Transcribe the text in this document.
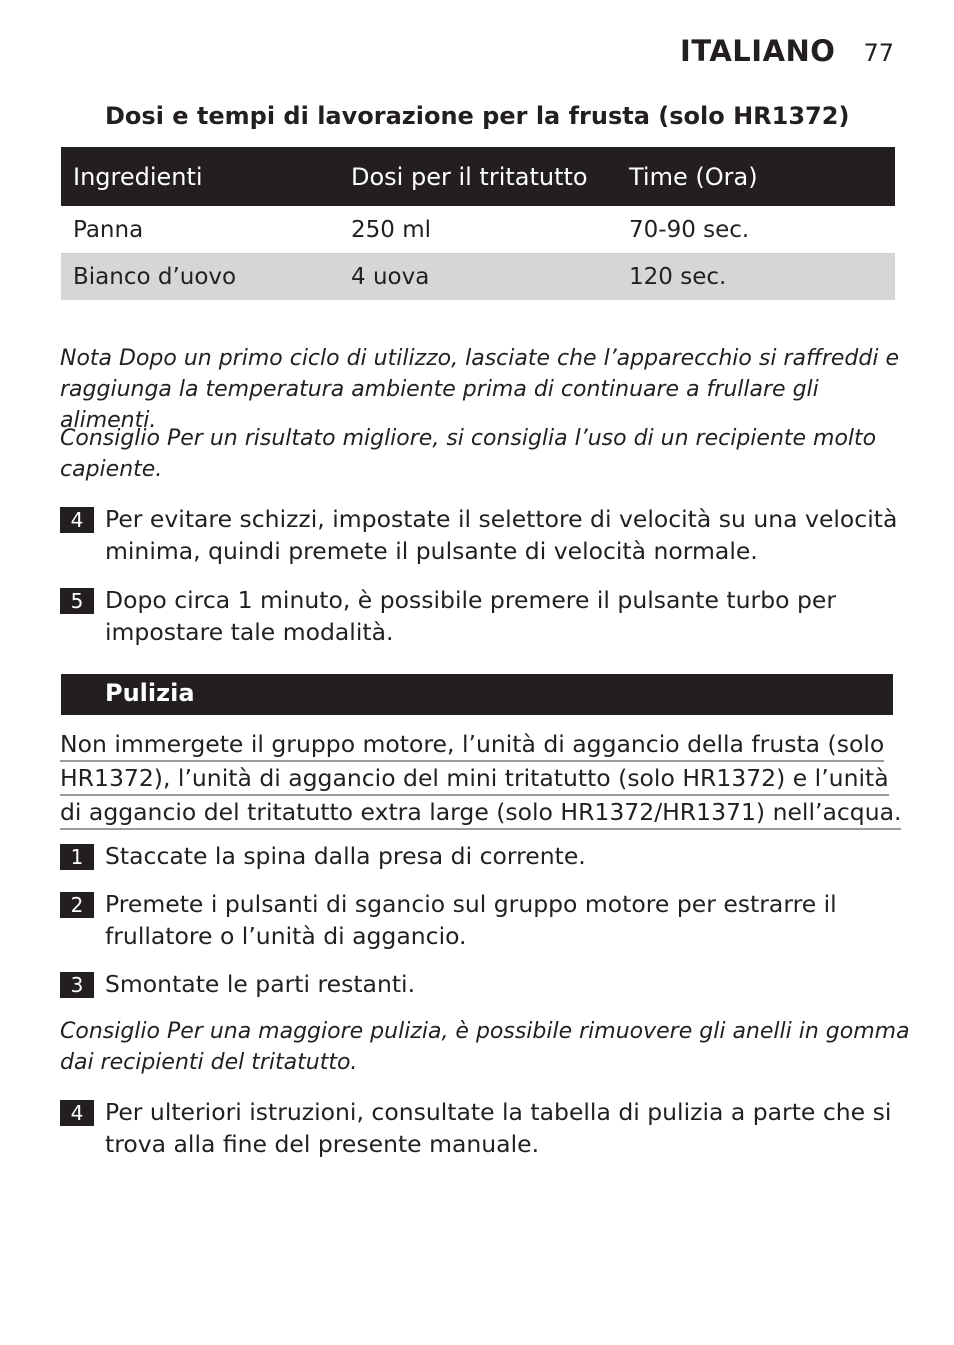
ITALIANO 77
Dosi e tempi di lavorazione per la frusta (solo HR1372)
Ingredienti	Dosi per il tritatutto	Time (Ora)
Panna	250 ml	70-90 sec.
Bianco d’uovo	4 uova	120 sec.
Nota Dopo un primo ciclo di utilizzo, lasciate che l’apparecchio si raffreddi e
raggiunga la temperatura ambiente prima di continuare a frullare gli alimenti.
Consiglio Per un risultato migliore, si consiglia l’uso di un recipiente molto
capiente.
4 Per evitare schizzi, impostate il selettore di velocità su una velocità
minima, quindi premete il pulsante di velocità normale.
5 Dopo circa 1 minuto, è possibile premere il pulsante turbo per
impostare tale modalità.
Pulizia
Non immergete il gruppo motore, l’unità di aggancio della frusta (solo
HR1372), l’unità di aggancio del mini tritatutto (solo HR1372) e l’unità
di aggancio del tritatutto extra large (solo HR1372/HR1371) nell’acqua.
1 Staccate la spina dalla presa di corrente.
2 Premete i pulsanti di sgancio sul gruppo motore per estrarre il
frullatore o l’unità di aggancio.
3 Smontate le parti restanti.
Consiglio Per una maggiore pulizia, è possibile rimuovere gli anelli in gomma
dai recipienti del tritatutto.
4 Per ulteriori istruzioni, consultate la tabella di pulizia a parte che si
trova alla fine del presente manuale.
